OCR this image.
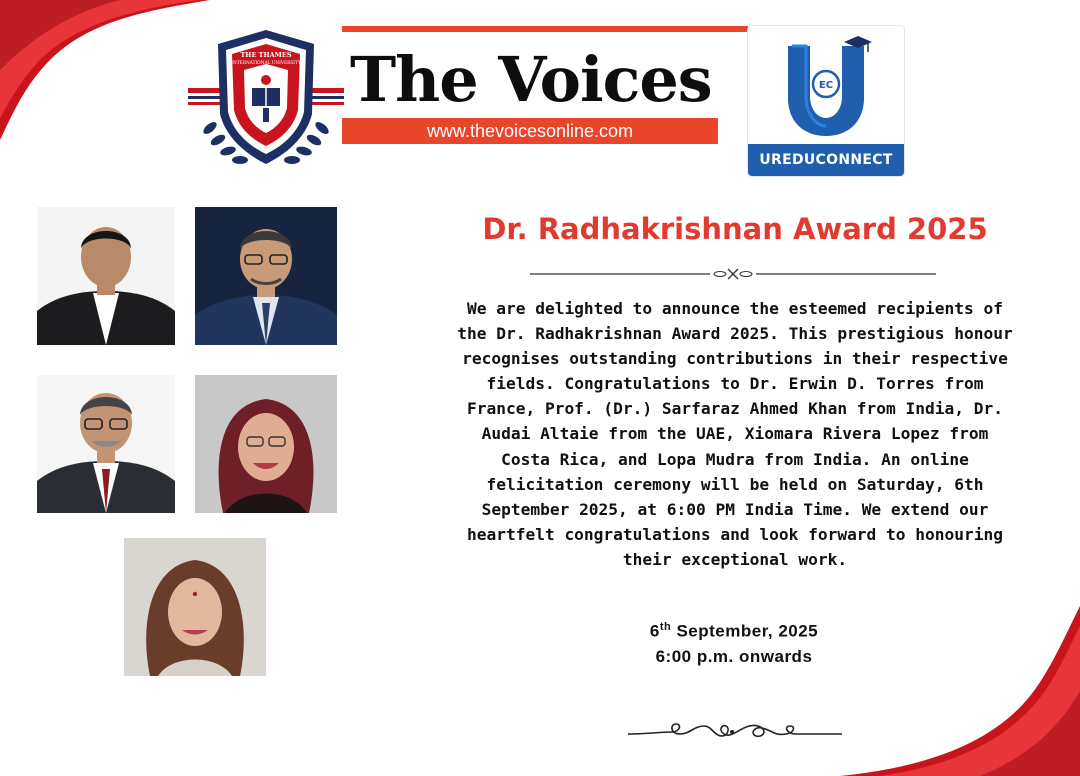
THE THAMES
INTERNATIONAL UNIVERSITY The Voices
www.thevoicesonline.com
EC
UREDUCONNECT
Dr. Radhakrishnan Award 2025
We are delighted to announce the esteemed recipients of the Dr. Radhakrishnan Award 2025. This prestigious honour recognises outstanding contributions in their respective fields. Congratulations to Dr. Erwin D. Torres from France, Prof. (Dr.) Sarfaraz Ahmed Khan from India, Dr. Audai Altaie from the UAE, Xiomara Rivera Lopez from Costa Rica, and Lopa Mudra from India. An online felicitation ceremony will be held on Saturday, 6th September 2025, at 6:00 PM India Time. We extend our heartfelt congratulations and look forward to honouring their exceptional work.
6th September, 2025
6:00 p.m. onwards
